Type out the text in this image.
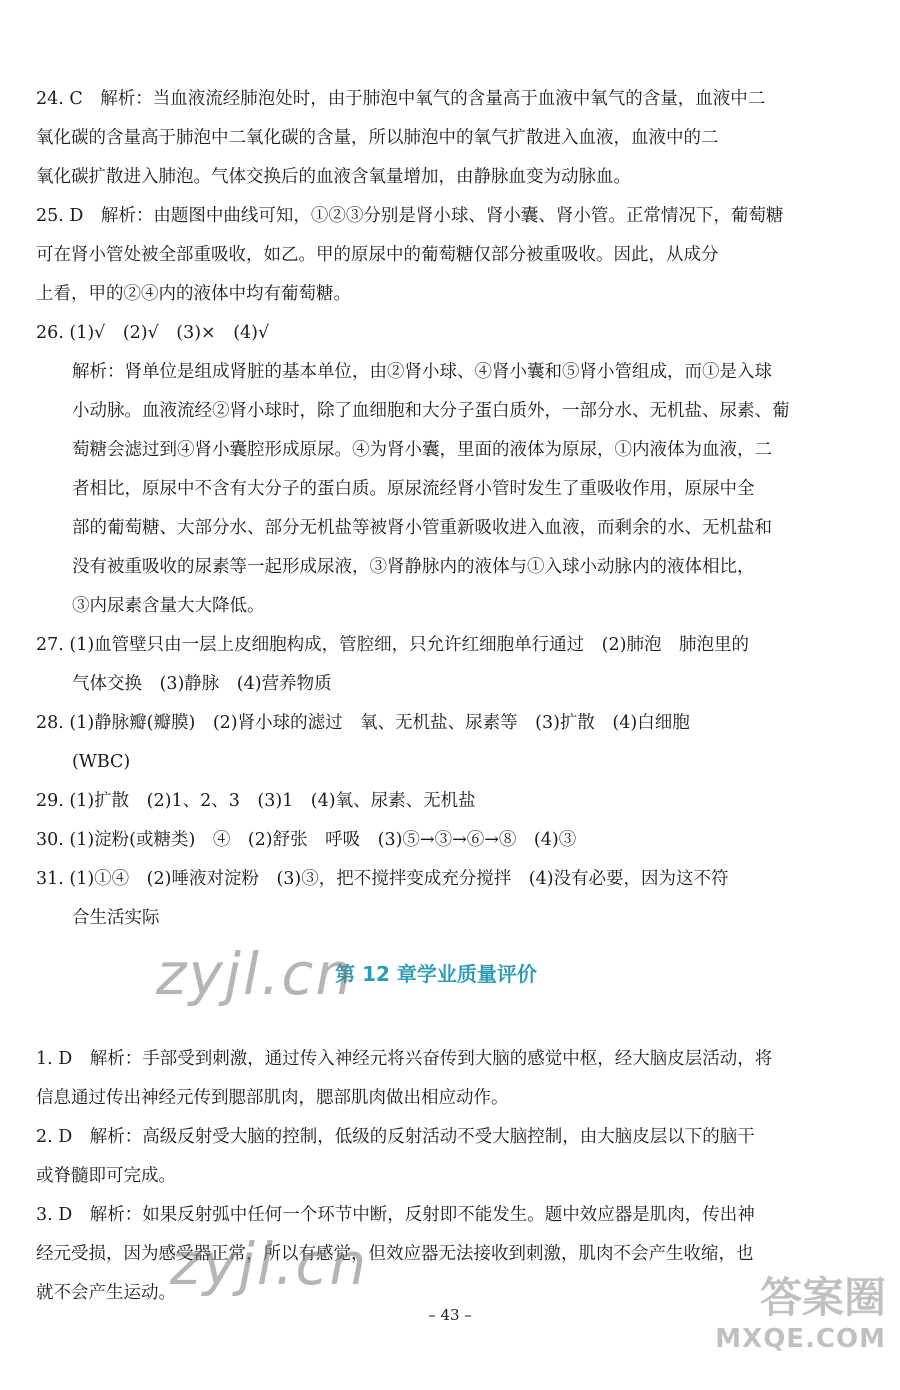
24. C　解析：当血液流经肺泡处时，由于肺泡中氧气的含量高于血液中氧气的含量，血液中二
氧化碳的含量高于肺泡中二氧化碳的含量，所以肺泡中的氧气扩散进入血液，血液中的二
氧化碳扩散进入肺泡。气体交换后的血液含氧量增加，由静脉血变为动脉血。
25. D　解析：由题图中曲线可知，①②③分别是肾小球、肾小囊、肾小管。正常情况下，葡萄糖
可在肾小管处被全部重吸收，如乙。甲的原尿中的葡萄糖仅部分被重吸收。因此，从成分
上看，甲的②④内的液体中均有葡萄糖。
26. (1)√　(2)√　(3)×　(4)√
解析：肾单位是组成肾脏的基本单位，由②肾小球、④肾小囊和⑤肾小管组成，而①是入球
小动脉。血液流经②肾小球时，除了血细胞和大分子蛋白质外，一部分水、无机盐、尿素、葡
萄糖会滤过到④肾小囊腔形成原尿。④为肾小囊，里面的液体为原尿，①内液体为血液，二
者相比，原尿中不含有大分子的蛋白质。原尿流经肾小管时发生了重吸收作用，原尿中全
部的葡萄糖、大部分水、部分无机盐等被肾小管重新吸收进入血液，而剩余的水、无机盐和
没有被重吸收的尿素等一起形成尿液，③肾静脉内的液体与①入球小动脉内的液体相比，
③内尿素含量大大降低。
27. (1)血管壁只由一层上皮细胞构成，管腔细，只允许红细胞单行通过　(2)肺泡　肺泡里的
气体交换　(3)静脉　(4)营养物质
28. (1)静脉瓣(瓣膜)　(2)肾小球的滤过　氧、无机盐、尿素等　(3)扩散　(4)白细胞
(WBC)
29. (1)扩散　(2)1、2、3　(3)1　(4)氧、尿素、无机盐
30. (1)淀粉(或糖类)　④　(2)舒张　呼吸　(3)⑤→③→⑥→⑧　(4)③
31. (1)①④　(2)唾液对淀粉　(3)③，把不搅拌变成充分搅拌　(4)没有必要，因为这不符
合生活实际
第 12 章学业质量评价
1. D　解析：手部受到刺激，通过传入神经元将兴奋传到大脑的感觉中枢，经大脑皮层活动，将
信息通过传出神经元传到腮部肌肉，腮部肌肉做出相应动作。
2. D　解析：高级反射受大脑的控制，低级的反射活动不受大脑控制，由大脑皮层以下的脑干
或脊髓即可完成。
3. D　解析：如果反射弧中任何一个环节中断，反射即不能发生。题中效应器是肌肉，传出神
经元受损，因为感受器正常，所以有感觉，但效应器无法接收到刺激，肌肉不会产生收缩，也
就不会产生运动。
zyjl.cn
zyjl.cn
– 43 –	答案圈
MXQE.COM
